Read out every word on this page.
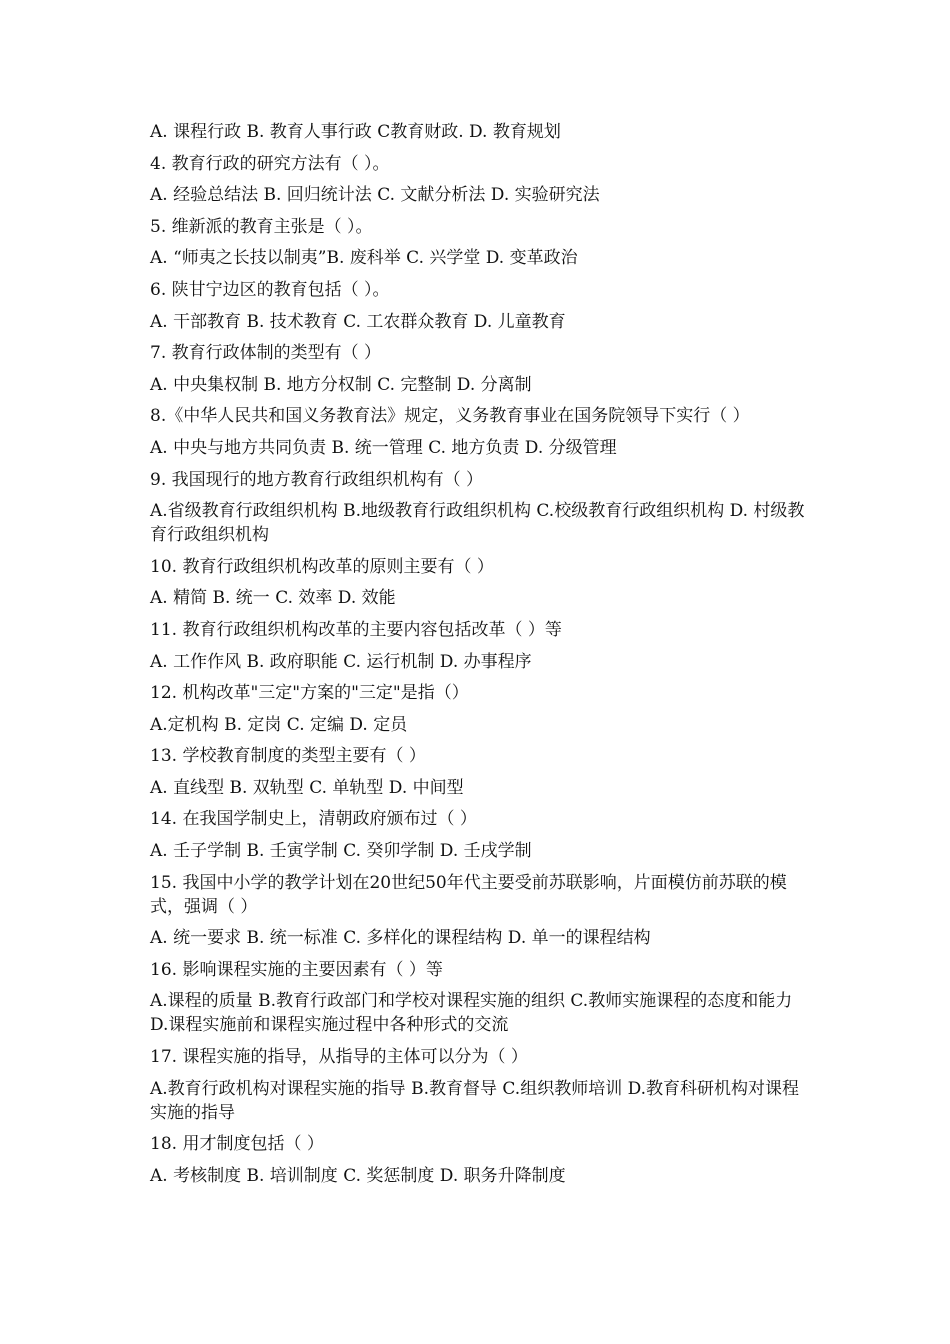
A. 课程行政 B. 教育人事行政 C教育财政. D. 教育规划

4. 教育行政的研究方法有（ ）。

A. 经验总结法 B. 回归统计法 C. 文献分析法 D. 实验研究法

5. 维新派的教育主张是（ ）。

A. “师夷之长技以制夷”B. 废科举 C. 兴学堂 D. 变革政治

6. 陕甘宁边区的教育包括（ ）。

A. 干部教育 B. 技术教育 C. 工农群众教育 D. 儿童教育

7. 教育行政体制的类型有（ ）

A. 中央集权制 B. 地方分权制 C. 完整制 D. 分离制

8.《中华人民共和国义务教育法》规定，义务教育事业在国务院领导下实行（ ）

A. 中央与地方共同负责 B. 统一管理 C. 地方负责 D. 分级管理

9. 我国现行的地方教育行政组织机构有（ ）

A.省级教育行政组织机构 B.地级教育行政组织机构 C.校级教育行政组织机构 D. 村级教育行政组织机构

10. 教育行政组织机构改革的原则主要有（ ）

A. 精简 B. 统一 C. 效率 D. 效能

11. 教育行政组织机构改革的主要内容包括改革（ ）等

A. 工作作风 B. 政府职能 C. 运行机制 D. 办事程序

12. 机构改革"三定"方案的"三定"是指（）

A.定机构 B. 定岗 C. 定编 D. 定员

13. 学校教育制度的类型主要有（ ）

A. 直线型 B. 双轨型 C. 单轨型 D. 中间型

14. 在我国学制史上，清朝政府颁布过（ ）

A. 壬子学制 B. 壬寅学制 C. 癸卯学制 D. 壬戌学制

15. 我国中小学的教学计划在20世纪50年代主要受前苏联影响，片面模仿前苏联的模式，强调（ ）

A. 统一要求 B. 统一标准 C. 多样化的课程结构 D. 单一的课程结构

16. 影响课程实施的主要因素有（ ）等

A.课程的质量 B.教育行政部门和学校对课程实施的组织 C.教师实施课程的态度和能力 D.课程实施前和课程实施过程中各种形式的交流

17. 课程实施的指导，从指导的主体可以分为（ ）

A.教育行政机构对课程实施的指导 B.教育督导 C.组织教师培训 D.教育科研机构对课程实施的指导

18. 用才制度包括（ ）

A. 考核制度 B. 培训制度 C. 奖惩制度 D. 职务升降制度
